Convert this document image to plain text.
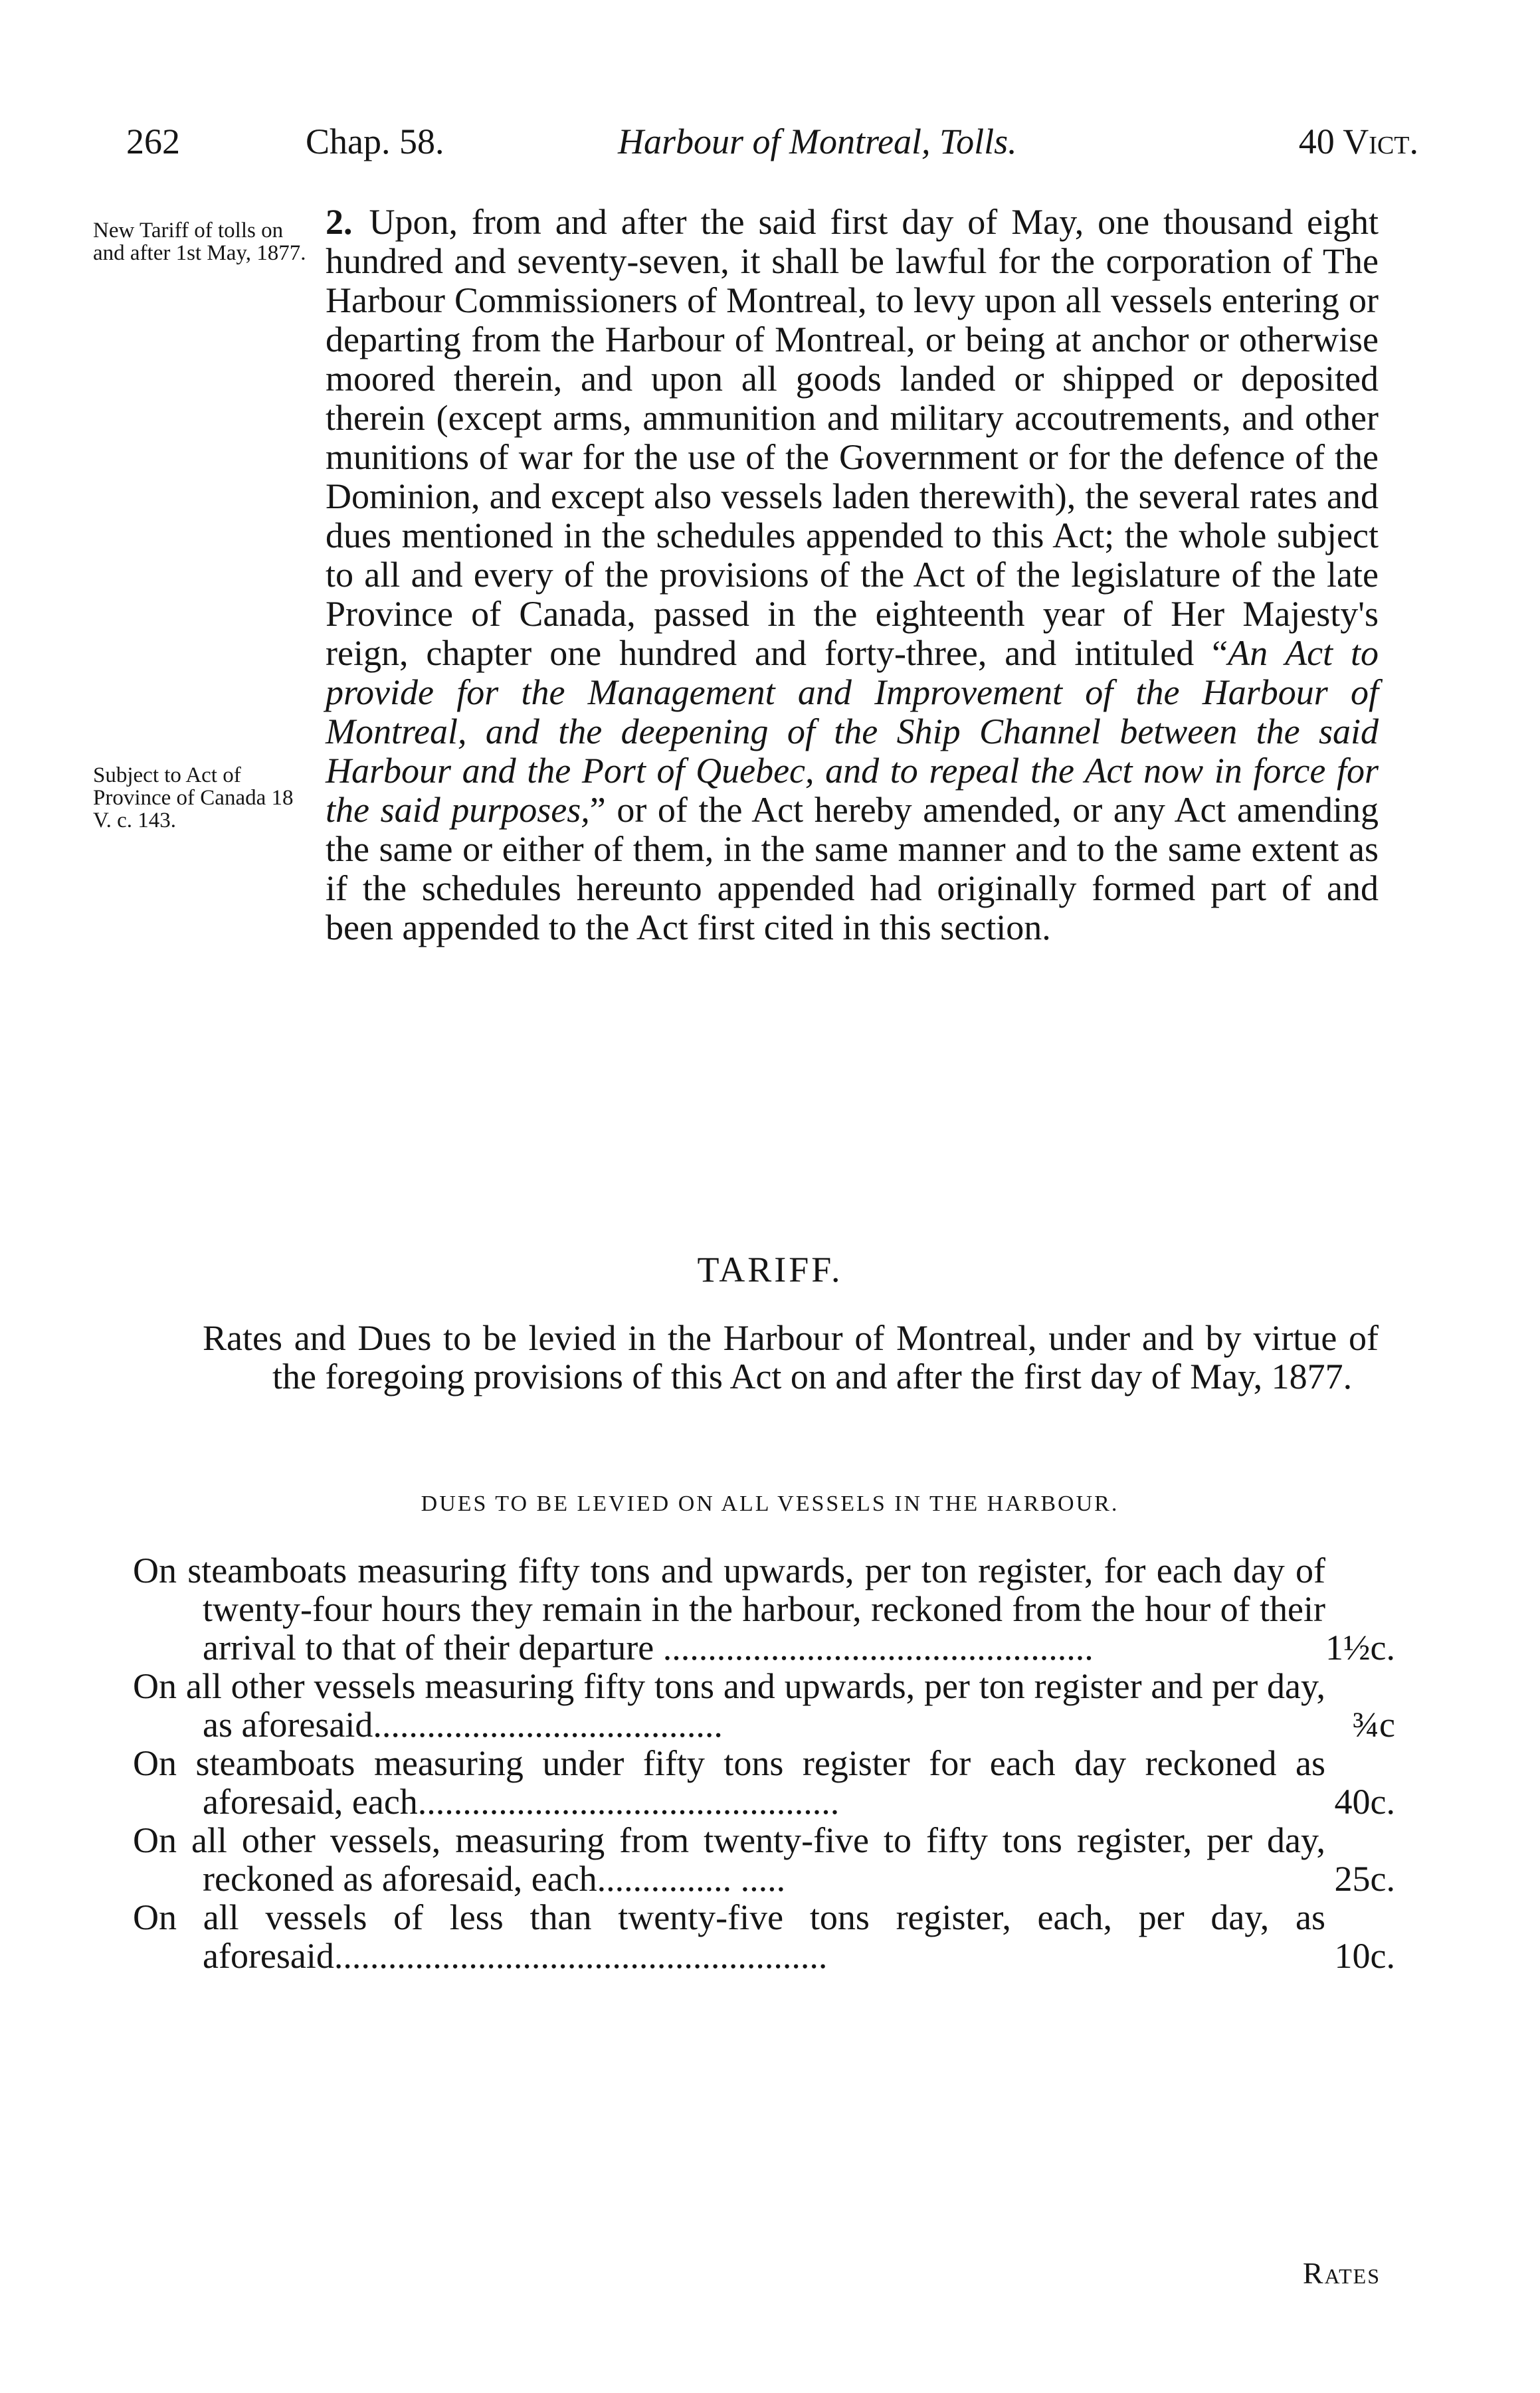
262	Chap. 58.	Harbour of Montreal, Tolls.	40 Vict.
New Tariff of tolls on and after 1st May, 1877.
Subject to Act of Province of Canada 18 V. c. 143.
2. Upon, from and after the said first day of May, one thousand eight hundred and seventy-seven, it shall be lawful for the corporation of The Harbour Commissioners of Montreal, to levy upon all vessels entering or departing from the Harbour of Montreal, or being at anchor or otherwise moored therein, and upon all goods landed or shipped or deposited therein (except arms, ammunition and military accoutrements, and other munitions of war for the use of the Government or for the defence of the Dominion, and except also vessels laden therewith), the several rates and dues mentioned in the schedules appended to this Act; the whole subject to all and every of the provisions of the Act of the legislature of the late Province of Canada, passed in the eighteenth year of Her Majesty's reign, chapter one hundred and forty-three, and intituled “An Act to provide for the Management and Improvement of the Harbour of Montreal, and the deepening of the Ship Channel between the said Harbour and the Port of Quebec, and to repeal the Act now in force for the said purposes,” or of the Act hereby amended, or any Act amending the same or either of them, in the same manner and to the same extent as if the schedules hereunto appended had originally formed part of and been appended to the Act first cited in this section.
TARIFF.

Rates and Dues to be levied in the Harbour of Montreal, under and by virtue of the foregoing provisions of this Act on and after the first day of May, 1877.

DUES TO BE LEVIED ON ALL VESSELS IN THE HARBOUR.
On steamboats measuring fifty tons and upwards, per ton register, for each day of twenty-four hours they remain in the harbour, reckoned from the hour of their arrival to that of their departure ................................................	1½c.
On all other vessels measuring fifty tons and upwards, per ton register and per day, as aforesaid.......................................	¾c
On steamboats measuring under fifty tons register for each day reckoned as aforesaid, each...............................................	40c.
On all other vessels, measuring from twenty-five to fifty tons register, per day, reckoned as aforesaid, each............... .....	25c.
On all vessels of less than twenty-five tons register, each, per day, as aforesaid.......................................................	10c.
Rates
